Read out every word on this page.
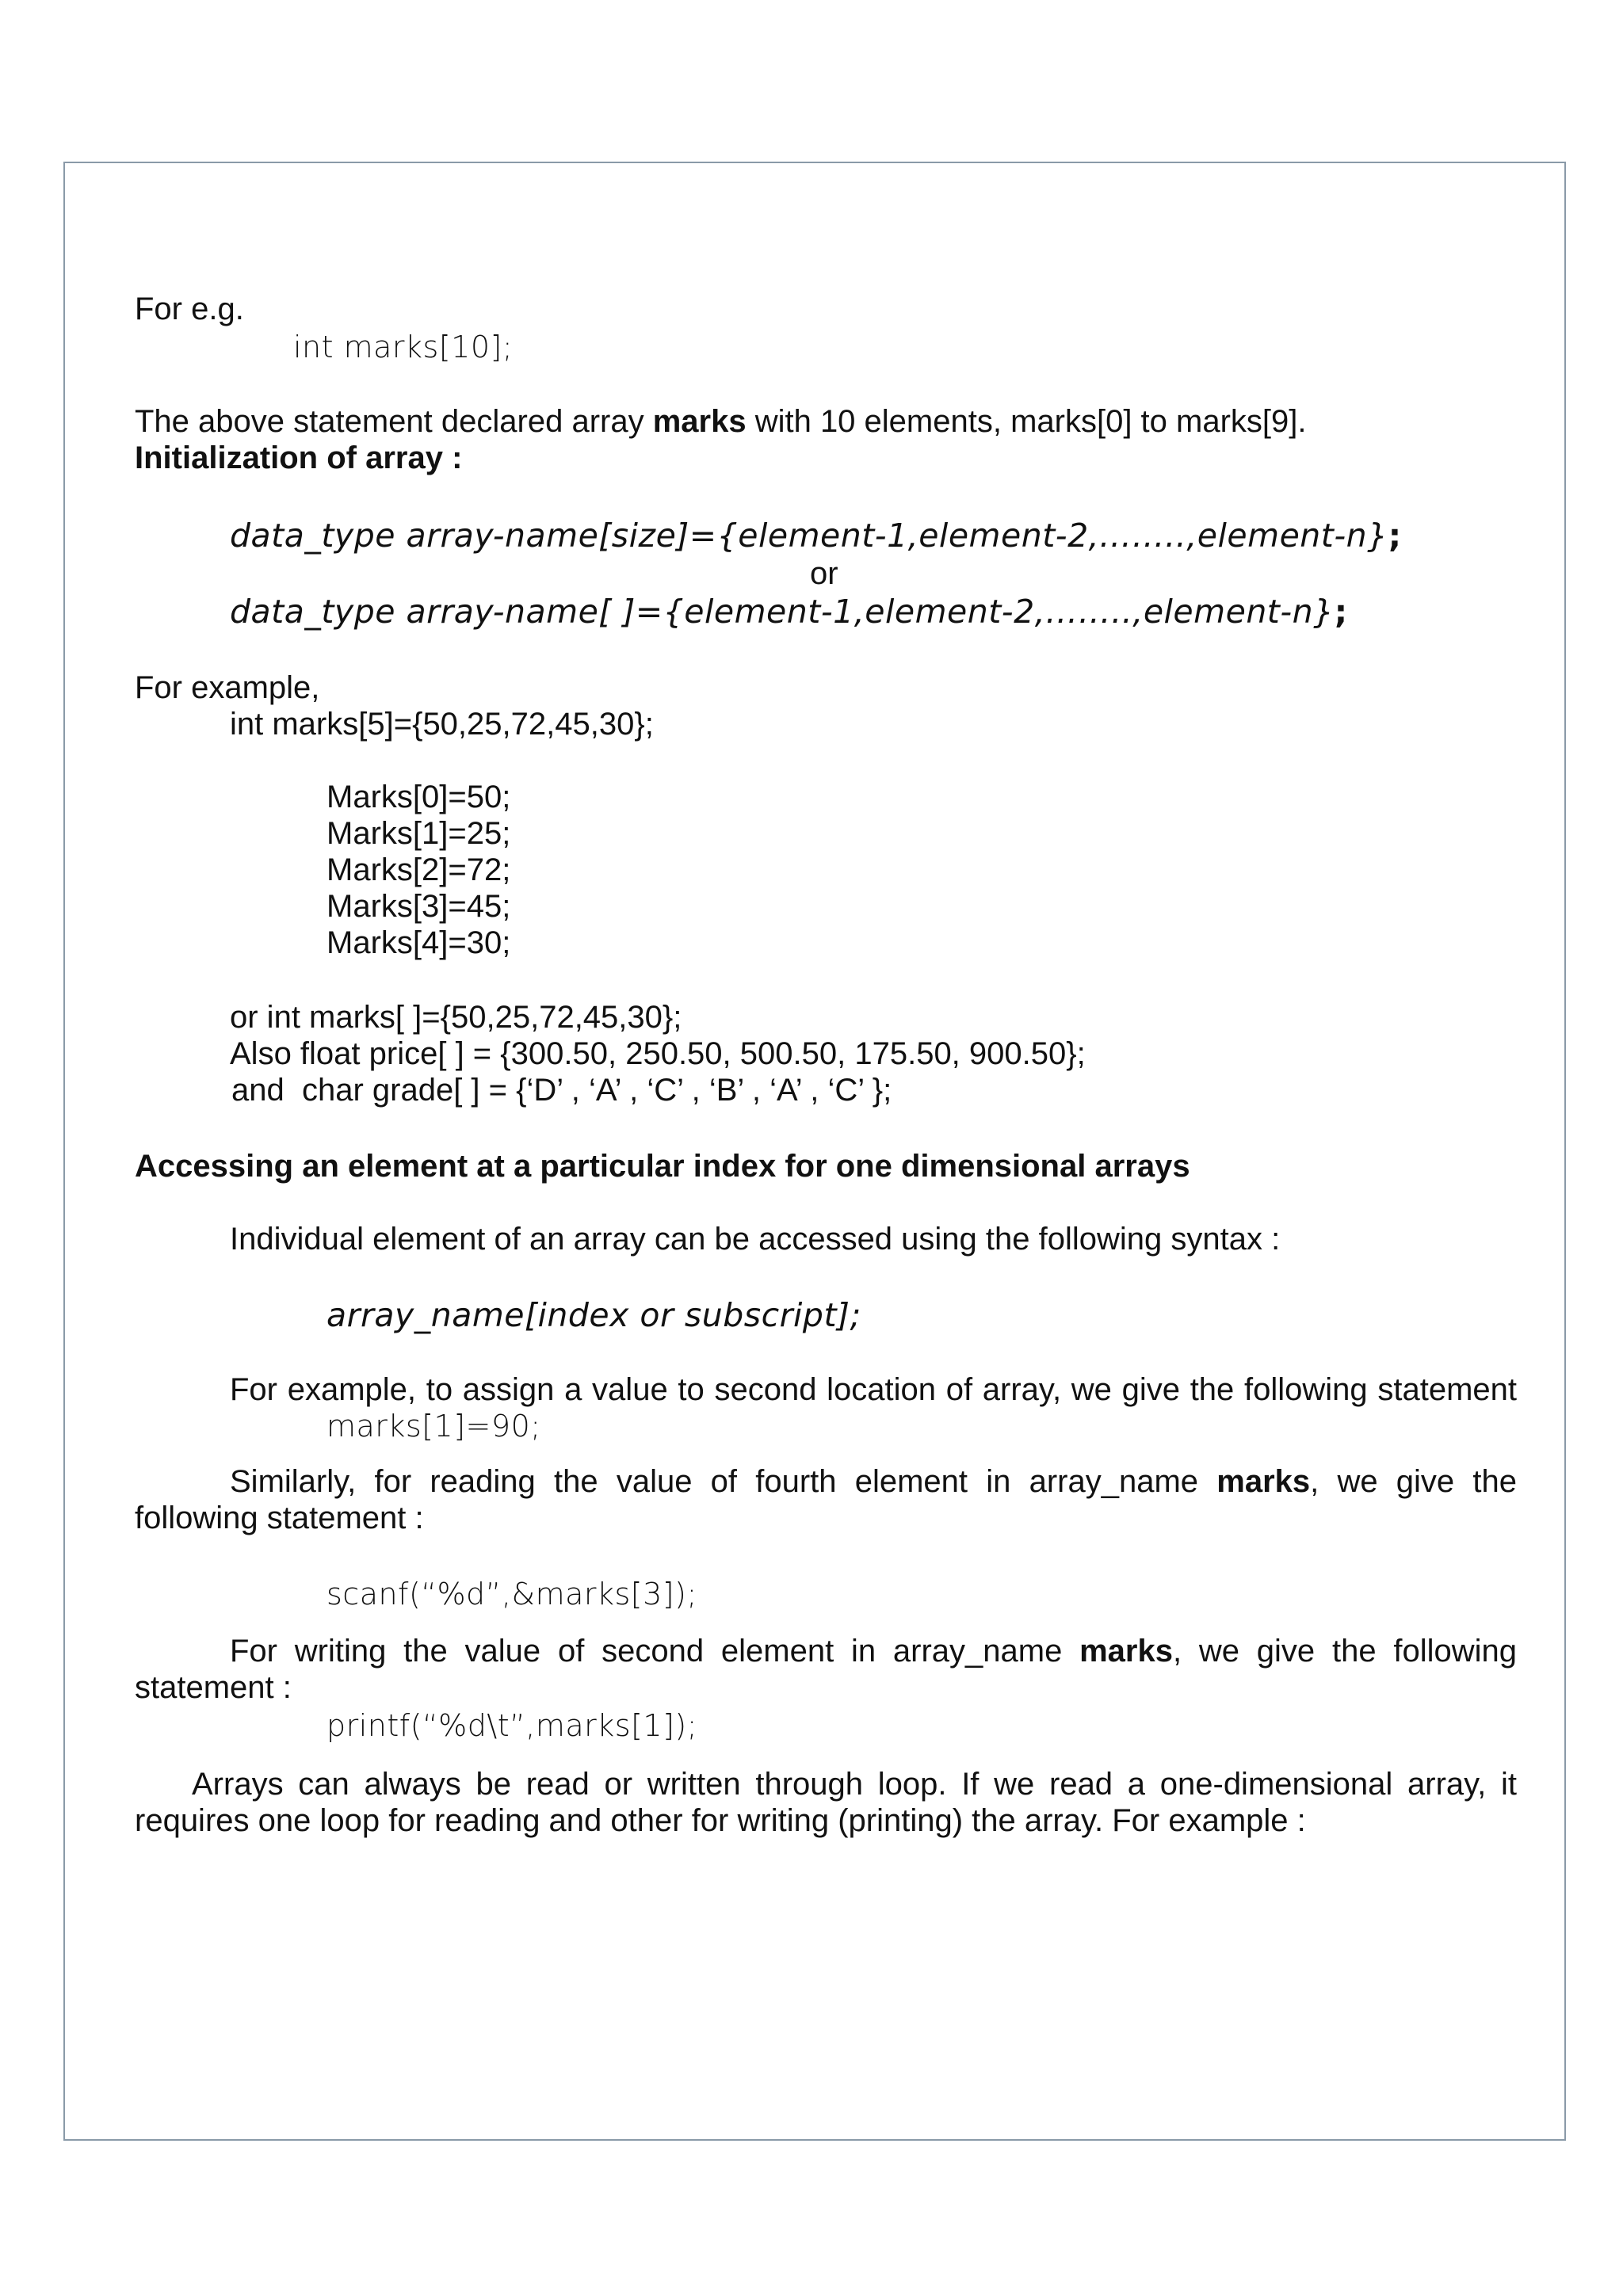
For e.g.

int marks[10];

The above statement declared array marks with 10 elements, marks[0] to marks[9].

Initialization of array :

data_type array-name[size]={element-1,element-2,……..,element-n};

or

data_type array-name[ ]={element-1,element-2,……..,element-n};

For example,

int marks[5]={50,25,72,45,30};

Marks[0]=50;

Marks[1]=25;

Marks[2]=72;

Marks[3]=45;

Marks[4]=30;

or int marks[ ]={50,25,72,45,30};

Also float price[ ] = {300.50, 250.50, 500.50, 175.50, 900.50};

and  char grade[ ] = {‘D’ , ‘A’ , ‘C’ , ‘B’ , ‘A’ , ‘C’ };

Accessing an element at a particular index for one dimensional arrays

Individual element of an array can be accessed using the following syntax :

array_name[index or subscript];

For example, to assign a value to second location of array, we give the following statement

marks[1]=90;

Similarly, for reading the value of fourth element in array_name marks, we give the

following statement :

scanf(“%d”,&marks[3]);

For writing the value of second element in array_name marks, we give the following

statement :

printf(“%d\t”,marks[1]);

Arrays can always be read or written through loop. If we read a one-dimensional array, it

requires one loop for reading and other for writing (printing) the array. For example :
